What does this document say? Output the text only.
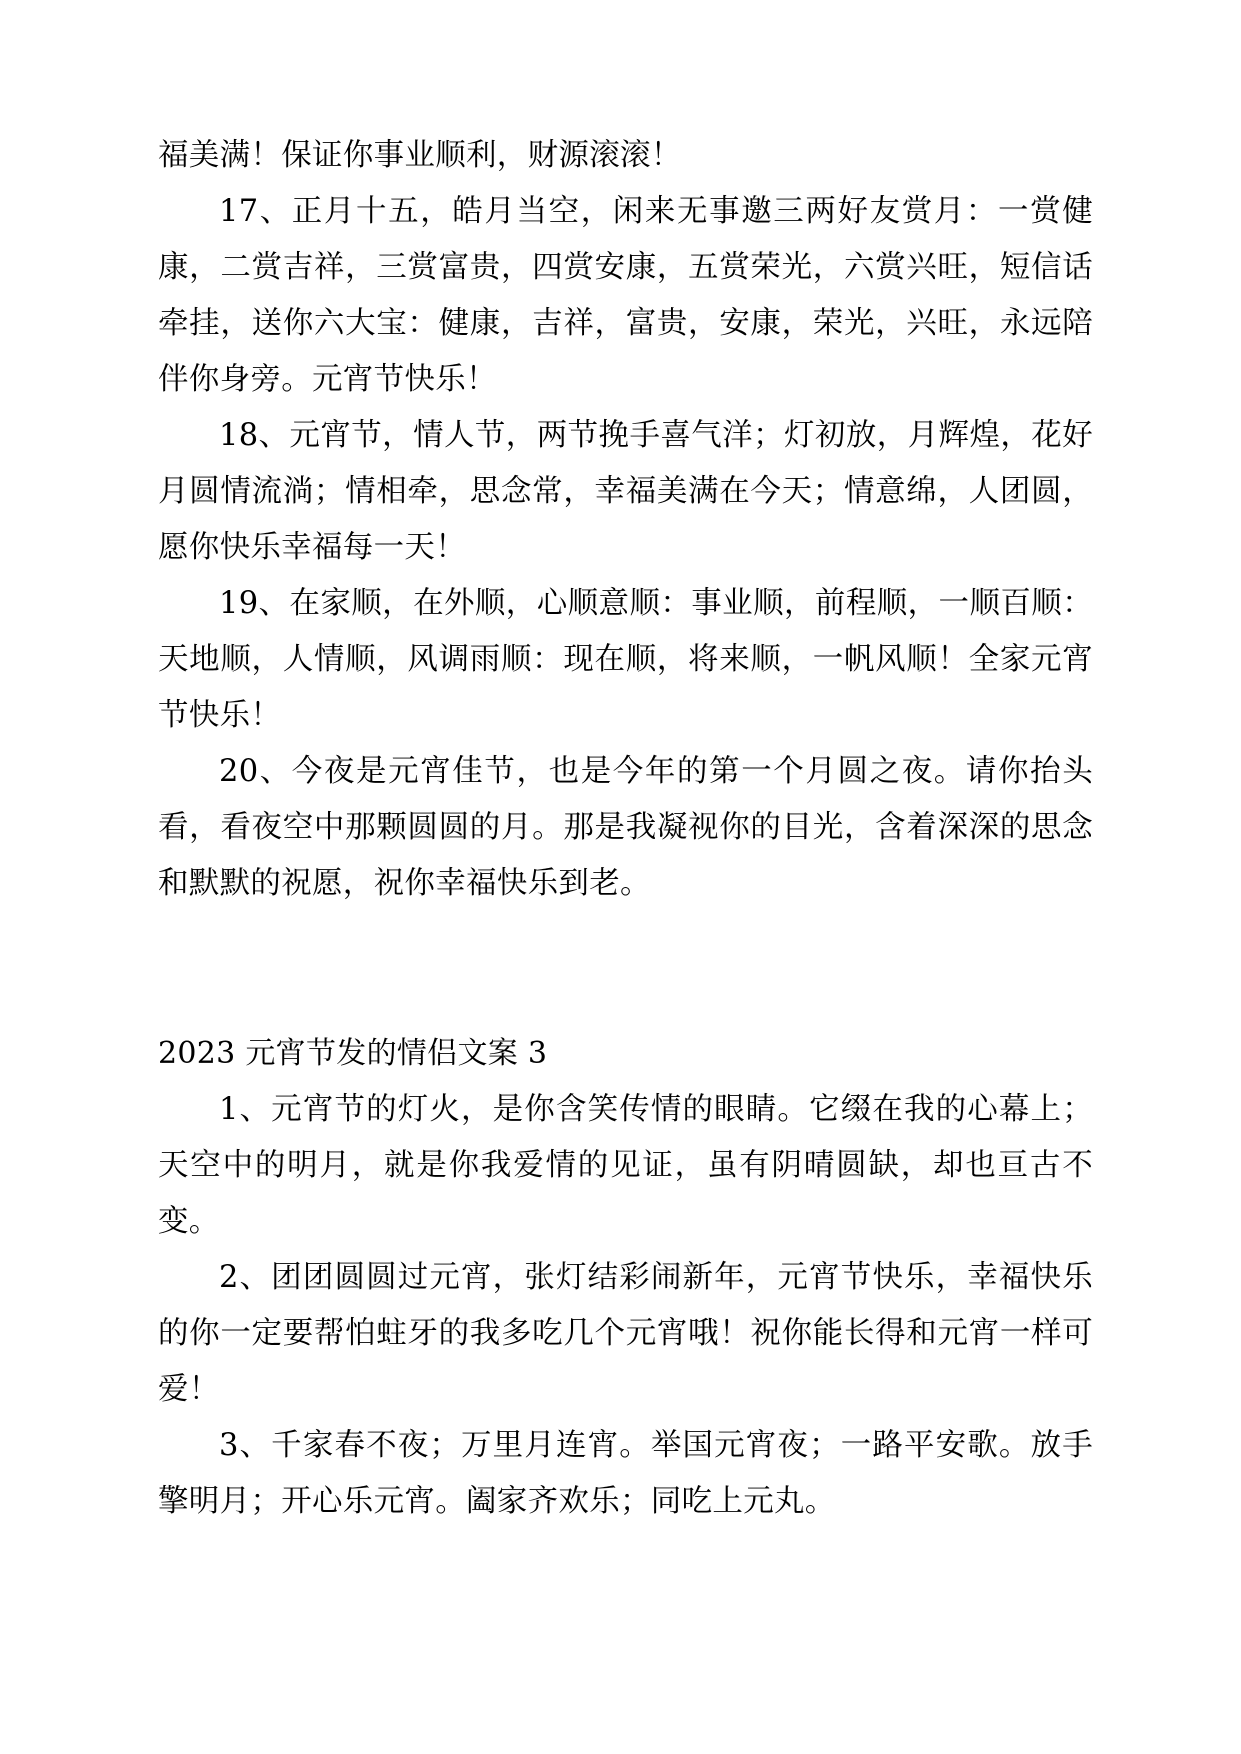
福美满！保证你事业顺利，财源滚滚！

17、正月十五，皓月当空，闲来无事邀三两好友赏月：一赏健康，二赏吉祥，三赏富贵，四赏安康，五赏荣光，六赏兴旺，短信话牵挂，送你六大宝：健康，吉祥，富贵，安康，荣光，兴旺，永远陪伴你身旁。元宵节快乐！

18、元宵节，情人节，两节挽手喜气洋；灯初放，月辉煌，花好月圆情流淌；情相牵，思念常，幸福美满在今天；情意绵，人团圆，愿你快乐幸福每一天！

19、在家顺，在外顺，心顺意顺：事业顺，前程顺，一顺百顺：天地顺，人情顺，风调雨顺：现在顺，将来顺，一帆风顺！全家元宵节快乐！

20、今夜是元宵佳节，也是今年的第一个月圆之夜。请你抬头看，看夜空中那颗圆圆的月。那是我凝视你的目光，含着深深的思念和默默的祝愿，祝你幸福快乐到老。

2023 元宵节发的情侣文案 3

1、元宵节的灯火，是你含笑传情的眼睛。它缀在我的心幕上；天空中的明月，就是你我爱情的见证，虽有阴晴圆缺，却也亘古不变。

2、团团圆圆过元宵，张灯结彩闹新年，元宵节快乐，幸福快乐的你一定要帮怕蛀牙的我多吃几个元宵哦！祝你能长得和元宵一样可爱！

3、千家春不夜；万里月连宵。举国元宵夜；一路平安歌。放手擎明月；开心乐元宵。阖家齐欢乐；同吃上元丸。
